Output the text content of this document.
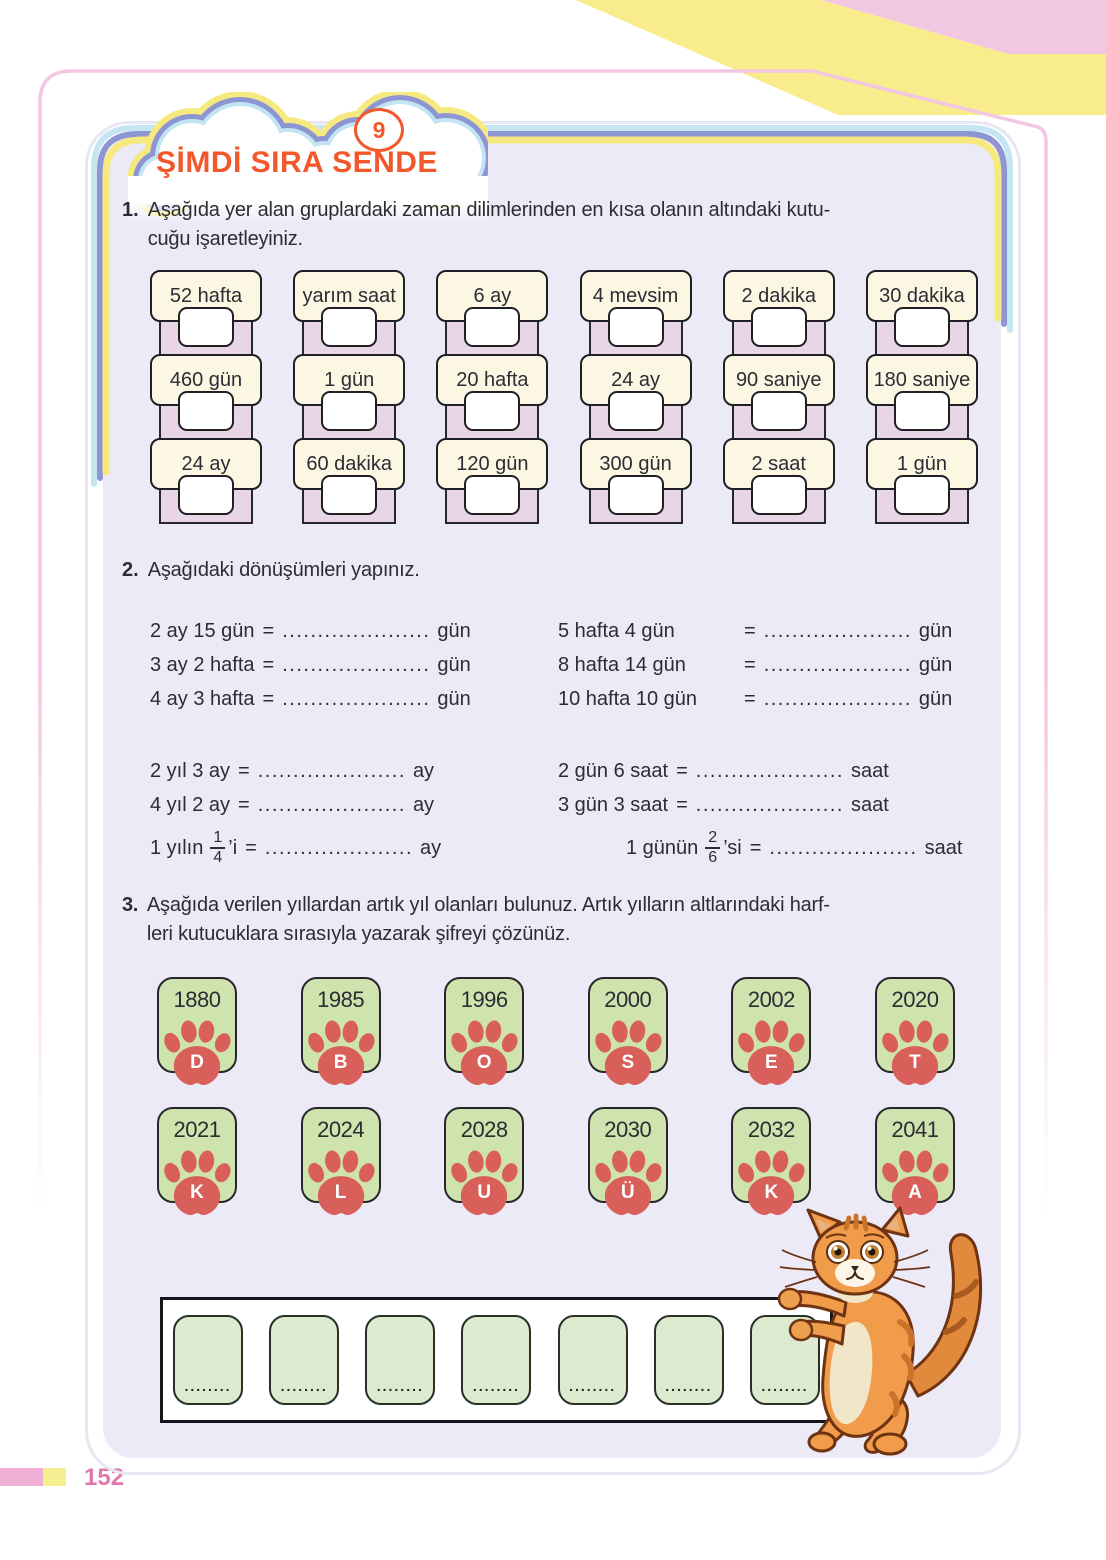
9
ŞİMDİ SIRA SENDE
1. Aşağıda yer alan gruplardaki zaman dilimlerinden en kısa olanın altındaki kutu-
cuğu işaretleyiniz.
52 hafta
460 gün
24 ay
yarım saat
1 gün
60 dakika
6 ay
20 hafta
120 gün
4 mevsim
24 ay
300 gün
2 dakika
90 saniye
2 saat
30 dakika
180 saniye
1 gün
2. Aşağıdaki dönüşümleri yapınız.
2 ay 15 gün = ..................... gün
3 ay 2 hafta = ..................... gün
4 ay 3 hafta = ..................... gün
5 hafta 4 gün	= ..................... gün
8 hafta 14 gün	= ..................... gün
10 hafta 10 gün	= ..................... gün
2 yıl 3 ay = ..................... ay
4 yıl 2 ay = ..................... ay
1 yılın $\frac{1}{4}$ ’i = ..................... ay
2 gün 6 saat = ..................... saat
3 gün 3 saat = ..................... saat
1 günün $\frac{2}{6}$ ’si = ..................... saat
3. Aşağıda verilen yıllardan artık yıl olanları bulunuz. Artık yılların altlarındaki harf-
leri kutucuklara sırasıyla yazarak şifreyi çözünüz.
1880
D
1985
B
1996
O
2000
S
2002
E
2020
T
2021
K
2024
L
2028
U
2030
Ü
2032
K
2041
A
........	........	........	........	........	........	........
152
